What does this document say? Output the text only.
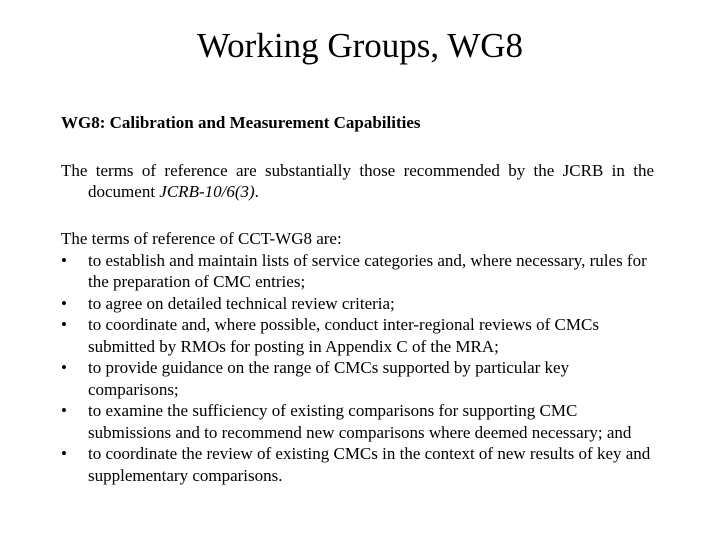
Working Groups, WG8
WG8: Calibration and Measurement Capabilities
The terms of reference are substantially those recommended by the JCRB in the
document JCRB-10/6(3).
The terms of reference of CCT-WG8 are:
•	to establish and maintain lists of service categories and, where necessary, rules for the preparation of CMC entries;
•	to agree on detailed technical review criteria;
•	to coordinate and, where possible, conduct inter-regional reviews of CMCs submitted by RMOs for posting in Appendix C of the MRA;
•	to provide guidance on the range of CMCs supported by particular key comparisons;
•	to examine the sufficiency of existing comparisons for supporting CMC submissions and to recommend new comparisons where deemed necessary; and
•	to coordinate the review of existing CMCs in the context of new results of key and supplementary comparisons.
